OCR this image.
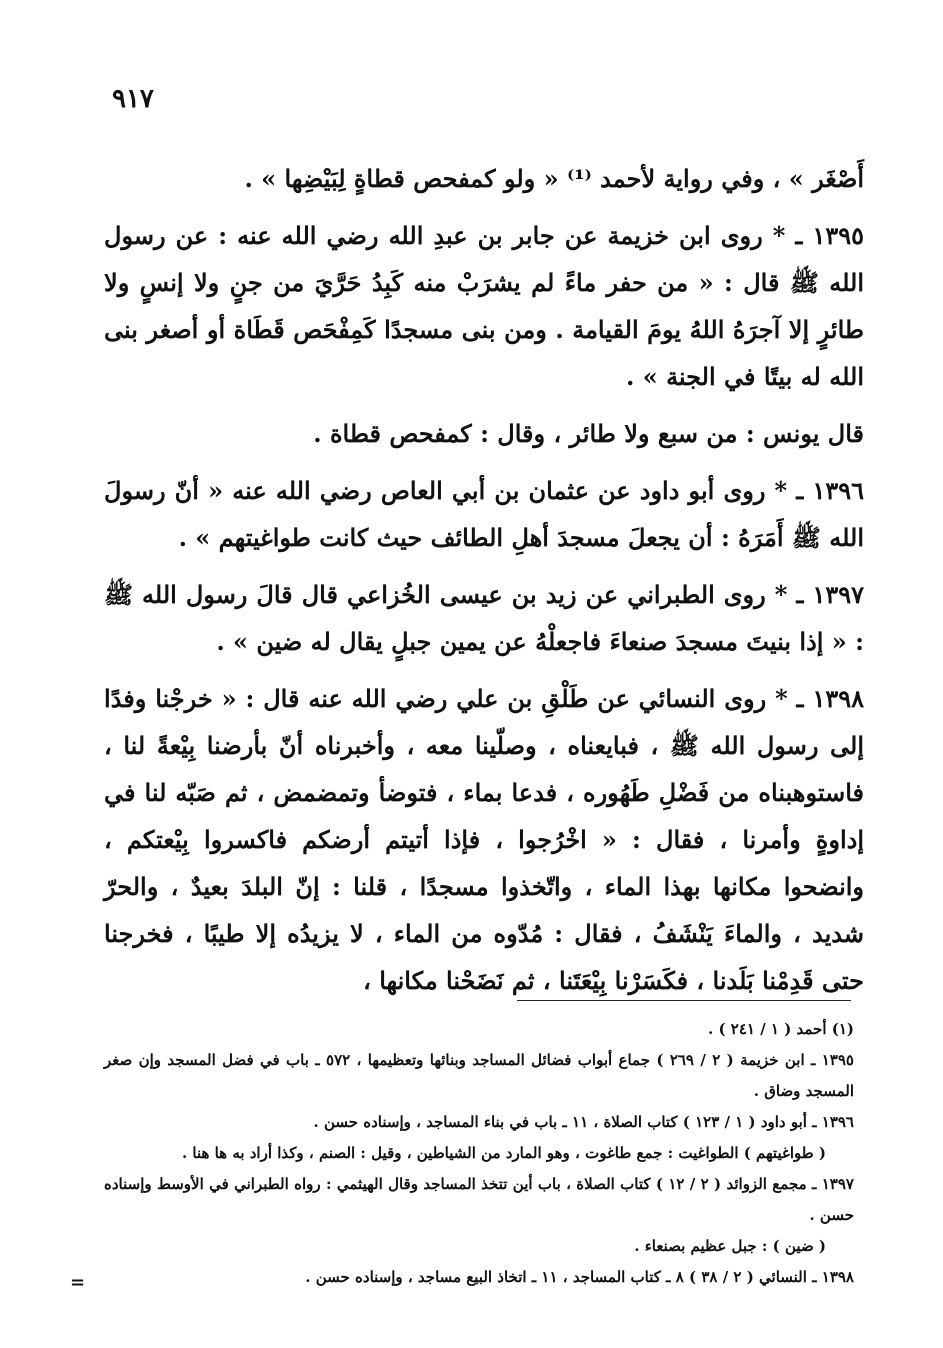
٩١٧

أَصْغَر » ، وفي رواية لأحمد ⁽¹⁾ « ولو كمفحص قطاةٍ لِبَيْضِها » .

١٣٩٥ ـ * روى ابن خزيمة عن جابر بن عبدِ الله رضي الله عنه : عن رسول الله ﷺ قال : « من حفر ماءً لم يشرَبْ منه كَبِدُ حَرَّيَ من جنٍ ولا إنسٍ ولا طائرٍ إلا آجرَهُ اللهُ يومَ القيامة . ومن بنى مسجدًا كَمِفْحَص قَطَاة أو أصغر بنى الله له بيتًا في الجنة » .

قال يونس : من سبع ولا طائر ، وقال : كمفحص قطاة .

١٣٩٦ ـ * روى أبو داود عن عثمان بن أبي العاص رضي الله عنه « أنّ رسولَ الله ﷺ أَمَرَهُ : أن يجعلَ مسجدَ أهلِ الطائف حيث كانت طواغيتهم » .

١٣٩٧ ـ * روى الطبراني عن زيد بن عيسى الخُزاعي قال قالَ رسول الله ﷺ : « إذا بنيتَ مسجدَ صنعاءَ فاجعلْهُ عن يمين جبلٍ يقال له ضين » .

١٣٩٨ ـ * روى النسائي عن طَلْقِ بن علي رضي الله عنه قال : « خرجْنا وفدًا إلى رسول الله ﷺ ، فبايعناه ، وصلّينا معه ، وأخبرناه أنّ بأرضنا بِيْعةً لنا ، فاستوهبناه من فَضْلِ طَهُوره ، فدعا بماء ، فتوضأ وتمضمض ، ثم صَبّه لنا في إداوةٍ وأمرنا ، فقال : « اخْرُجوا ، فإذا أتيتم أرضكم فاكسروا بِيْعتكم ، وانضحوا مكانها بهذا الماء ، واتّخذوا مسجدًا ، قلنا : إنّ البلدَ بعيدٌ ، والحرّ شديد ، والماءَ يَنْشَفُ ، فقال : مُدّوه من الماء ، لا يزيدُه إلا طيبًا ، فخرجنا حتى قَدِمْنا بَلَدنا ، فكَسَرْنا بِيْعَتَنا ، ثم نَضَحْنا مكانها ،

(١) أحمد ( ١ / ٢٤١ ) .

١٣٩٥ ـ ابن خزيمة ( ٢ / ٢٦٩ ) جماع أبواب فضائل المساجد وبنائها وتعظيمها ، ٥٧٢ ـ باب في فضل المسجد وإن صغر المسجد وضاق .

١٣٩٦ ـ أبو داود ( ١ / ١٢٣ ) كتاب الصلاة ، ١١ ـ باب في بناء المساجد ، وإسناده حسن .

( طواغيتهم ) الطواغيت : جمع طاغوت ، وهو المارد من الشياطين ، وقيل : الصنم ، وكذا أراد به ها هنا .

١٣٩٧ ـ مجمع الزوائد ( ٢ / ١٢ ) كتاب الصلاة ، باب أين تتخذ المساجد وقال الهيثمي : رواه الطبراني في الأوسط وإسناده حسن .

( ضين ) : جبل عظيم بصنعاء .

١٣٩٨ ـ النسائي ( ٢ / ٣٨ ) ٨ ـ كتاب المساجد ، ١١ ـ اتخاذ البيع مساجد ، وإسناده حسن .

=
